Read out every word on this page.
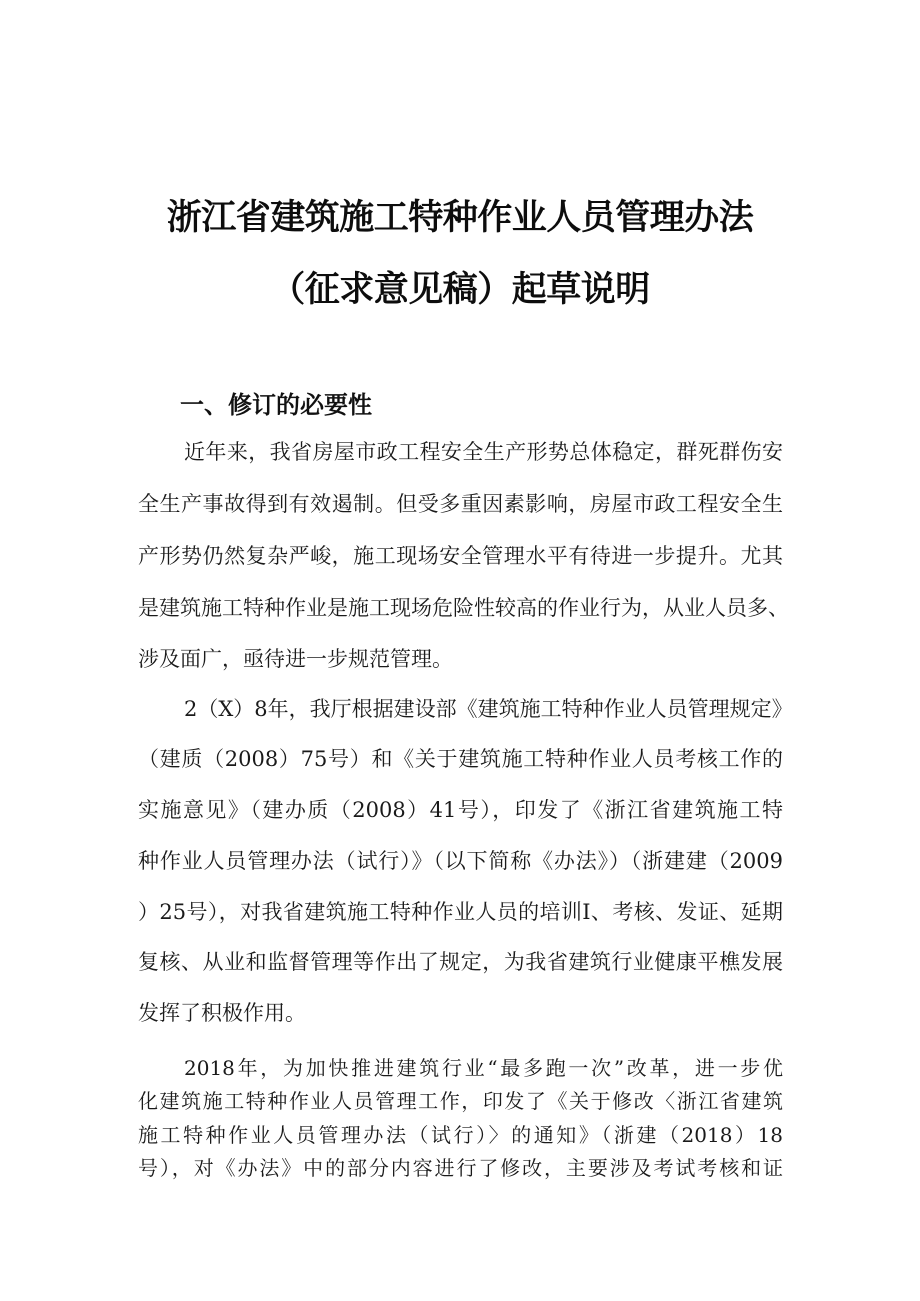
浙江省建筑施工特种作业人员管理办法
（征求意见稿）起草说明
一、修订的必要性
近年来，我省房屋市政工程安全生产形势总体稳定，群死群伤安
全生产事故得到有效遏制。但受多重因素影响，房屋市政工程安全生
产形势仍然复杂严峻，施工现场安全管理水平有待进一步提升。尤其
是建筑施工特种作业是施工现场危险性较高的作业行为，从业人员多、
涉及面广，亟待进一步规范管理。
2（X）8年，我厅根据建设部《建筑施工特种作业人员管理规定》
（建质（2008）75号）和《关于建筑施工特种作业人员考核工作的
实施意见》（建办质（2008）41号），印发了《浙江省建筑施工特
种作业人员管理办法（试行）》（以下简称《办法》）（浙建建（2009
）25号），对我省建筑施工特种作业人员的培训I、考核、发证、延期
复核、从业和监督管理等作出了规定，为我省建筑行业健康平樵发展
发挥了积极作用。
2018年，为加快推进建筑行业“最多跑一次”改革，进一步优
化建筑施工特种作业人员管理工作，印发了《关于修改〈浙江省建筑
施工特种作业人员管理办法（试行）〉的通知》（浙建（2018）18
号），对《办法》中的部分内容进行了修改，主要涉及考试考核和证
